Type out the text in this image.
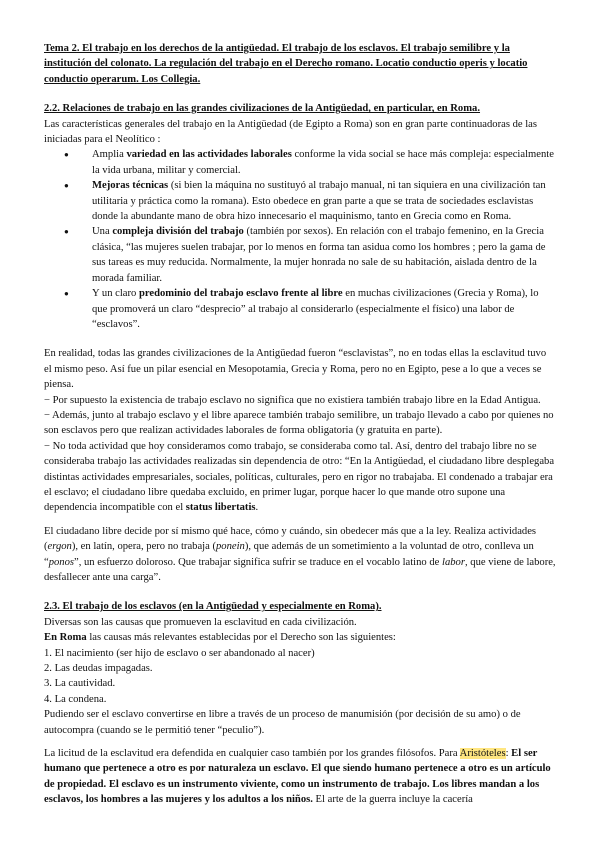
Tema 2. El trabajo en los derechos de la antigüedad. El trabajo de los esclavos. El trabajo semilibre y la institución del colonato. La regulación del trabajo en el Derecho romano. Locatio conductio operis y locatio conductio operarum. Los Collegia.

2.2. Relaciones de trabajo en las grandes civilizaciones de la Antigüedad, en particular, en Roma.

Las características generales del trabajo en la Antigüedad (de Egipto a Roma) son en gran parte continuadoras de las iniciadas para el Neolítico :

● Amplia variedad en las actividades laborales conforme la vida social se hace más compleja: especialmente la vida urbana, militar y comercial.
● Mejoras técnicas (si bien la máquina no sustituyó al trabajo manual, ni tan siquiera en una civilización tan utilitaria y práctica como la romana). Esto obedece en gran parte a que se trata de sociedades esclavistas donde la abundante mano de obra hizo innecesario el maquinismo, tanto en Grecia como en Roma.
● Una compleja división del trabajo (también por sexos). En relación con el trabajo femenino, en la Grecia clásica, “las mujeres suelen trabajar, por lo menos en forma tan asidua como los hombres ; pero la gama de sus tareas es muy reducida. Normalmente, la mujer honrada no sale de su habitación, aislada dentro de la morada familiar.
● Y un claro predominio del trabajo esclavo frente al libre en muchas civilizaciones (Grecia y Roma), lo que promoverá un claro “desprecio” al trabajo al considerarlo (especialmente el físico) una labor de “esclavos”.

En realidad, todas las grandes civilizaciones de la Antigüedad fueron “esclavistas”, no en todas ellas la esclavitud tuvo el mismo peso. Así fue un pilar esencial en Mesopotamia, Grecia y Roma, pero no en Egipto, pese a lo que a veces se piensa.

− Por supuesto la existencia de trabajo esclavo no significa que no existiera también trabajo libre en la Edad Antigua.

− Además, junto al trabajo esclavo y el libre aparece también trabajo semilibre, un trabajo llevado a cabo por quienes no son esclavos pero que realizan actividades laborales de forma obligatoria (y gratuita en parte).

− No toda actividad que hoy consideramos como trabajo, se consideraba como tal. Así, dentro del trabajo libre no se consideraba trabajo las actividades realizadas sin dependencia de otro: “En la Antigüedad, el ciudadano libre desplegaba distintas actividades empresariales, sociales, políticas, culturales, pero en rigor no trabajaba. El condenado a trabajar era el esclavo; el ciudadano libre quedaba excluido, en primer lugar, porque hacer lo que mande otro supone una dependencia incompatible con el status libertatis.

El ciudadano libre decide por sí mismo qué hace, cómo y cuándo, sin obedecer más que a la ley. Realiza actividades (ergon), en latín, opera, pero no trabaja (ponein), que además de un sometimiento a la voluntad de otro, conlleva un “ponos”, un esfuerzo doloroso. Que trabajar significa sufrir se traduce en el vocablo latino de labor, que viene de labore, desfallecer ante una carga”.

2.3. El trabajo de los esclavos (en la Antigüedad y especialmente en Roma).

Diversas son las causas que promueven la esclavitud en cada civilización.

En Roma las causas más relevantes establecidas por el Derecho son las siguientes:

1. El nacimiento (ser hijo de esclavo o ser abandonado al nacer)

2. Las deudas impagadas.

3. La cautividad.

4. La condena.

Pudiendo ser el esclavo convertirse en libre a través de un proceso de manumisión (por decisión de su amo) o de autocompra (cuando se le permitió tener “peculio”).

La licitud de la esclavitud era defendida en cualquier caso también por los grandes filósofos. Para Aristóteles: El ser humano que pertenece a otro es por naturaleza un esclavo. El que siendo humano pertenece a otro es un artículo de propiedad. El esclavo es un instrumento viviente, como un instrumento de trabajo. Los libres mandan a los esclavos, los hombres a las mujeres y los adultos a los niños. El arte de la guerra incluye la cacería
